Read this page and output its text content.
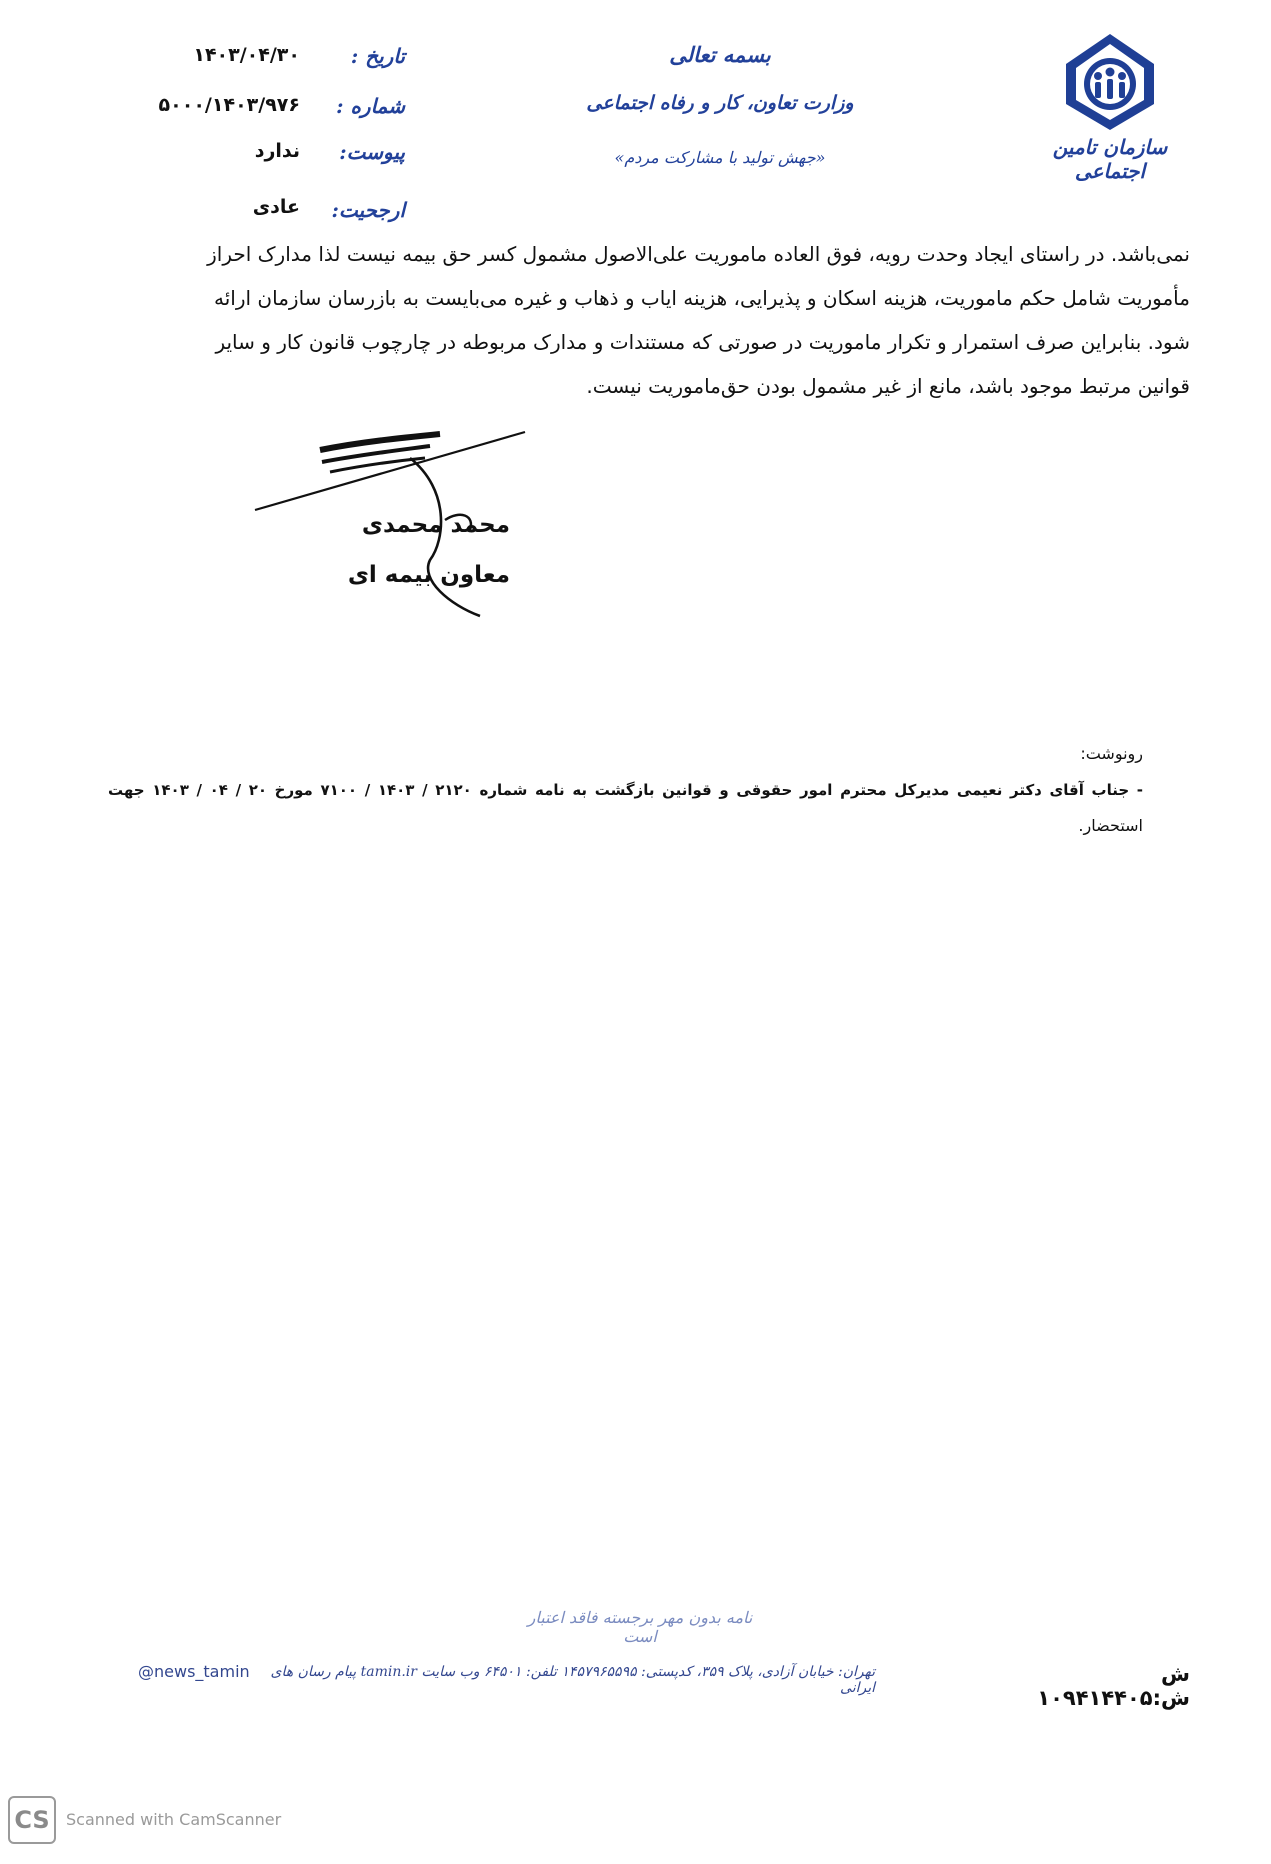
سازمان تامین اجتماعی
بسمه تعالی
وزارت تعاون، کار و رفاه اجتماعی
«جهش تولید با مشارکت مردم»
تاریخ :
۱۴۰۳/۰۴/۳۰
شماره :
۵۰۰۰/۱۴۰۳/۹۷۶
پیوست:
ندارد
ارجحیت:
عادی
نمی‌باشد. در راستای ایجاد وحدت رویه، فوق العاده ماموریت علی‌الاصول مشمول کسر حق بیمه نیست لذا مدارک احراز
مأموریت شامل حکم ماموریت، هزینه اسکان و پذیرایی، هزینه ایاب و ذهاب و غیره می‌بایست به بازرسان سازمان ارائه
شود. بنابراین صرف استمرار و تکرار ماموریت در صورتی که مستندات و مدارک مربوطه در چارچوب قانون کار و سایر
قوانین مرتبط موجود باشد، مانع از غیر مشمول بودن حق‌ماموریت نیست.
محمد محمدی
معاون بیمه ای
رونوشت:
- جناب آقای دکتر نعیمی مدیرکل محترم امور حقوقی و قوانین بازگشت به نامه شماره ۲۱۲۰ / ۱۴۰۳ / ۷۱۰۰ مورخ ۲۰ / ۰۴ / ۱۴۰۳ جهت
استحضار.
نامه بدون مهر برجسته فاقد اعتبار است
ش ش:۱۰۹۴۱۴۴۰۵
تهران: خیابان آزادی، پلاک ۳۵۹، کدپستی: ۱۴۵۷۹۶۵۵۹۵ تلفن: ۶۴۵۰۱ وب سایت tamin.ir پیام رسان های ایرانی
@news_tamin
CS	Scanned with CamScanner
